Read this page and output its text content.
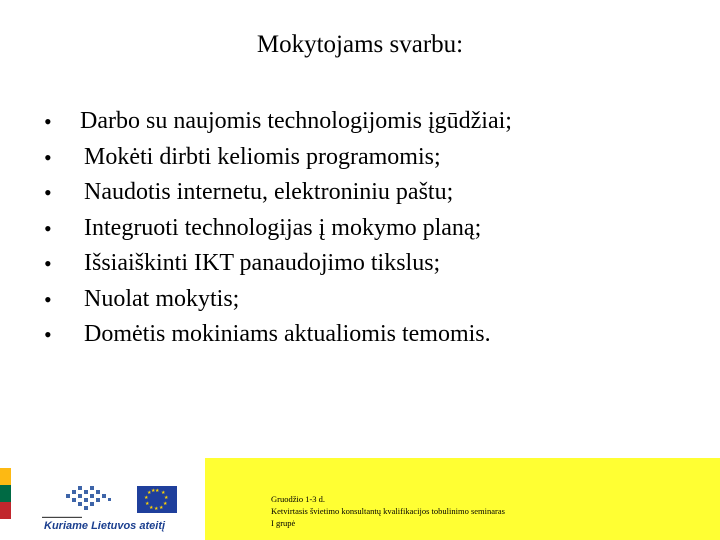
Mokytojams svarbu:
• Darbo su naujomis technologijomis įgūdžiai;
• Mokėti dirbti keliomis programomis;
• Naudotis internetu, elektroniniu paštu;
• Integruoti technologijas į mokymo planą;
• Išsiaiškinti IKT panaudojimo tikslus;
• Nuolat mokytis;
• Domėtis mokiniams aktualiomis temomis.
★ ★
★
★
★
★
★
★
★
★ ★
▬▬▬▬▬▬▬▬▬▬
Kuriame Lietuvos ateitį
Gruodžio 1-3 d.
Ketvirtasis švietimo konsultantų kvalifikacijos tobulinimo seminaras
I grupė
